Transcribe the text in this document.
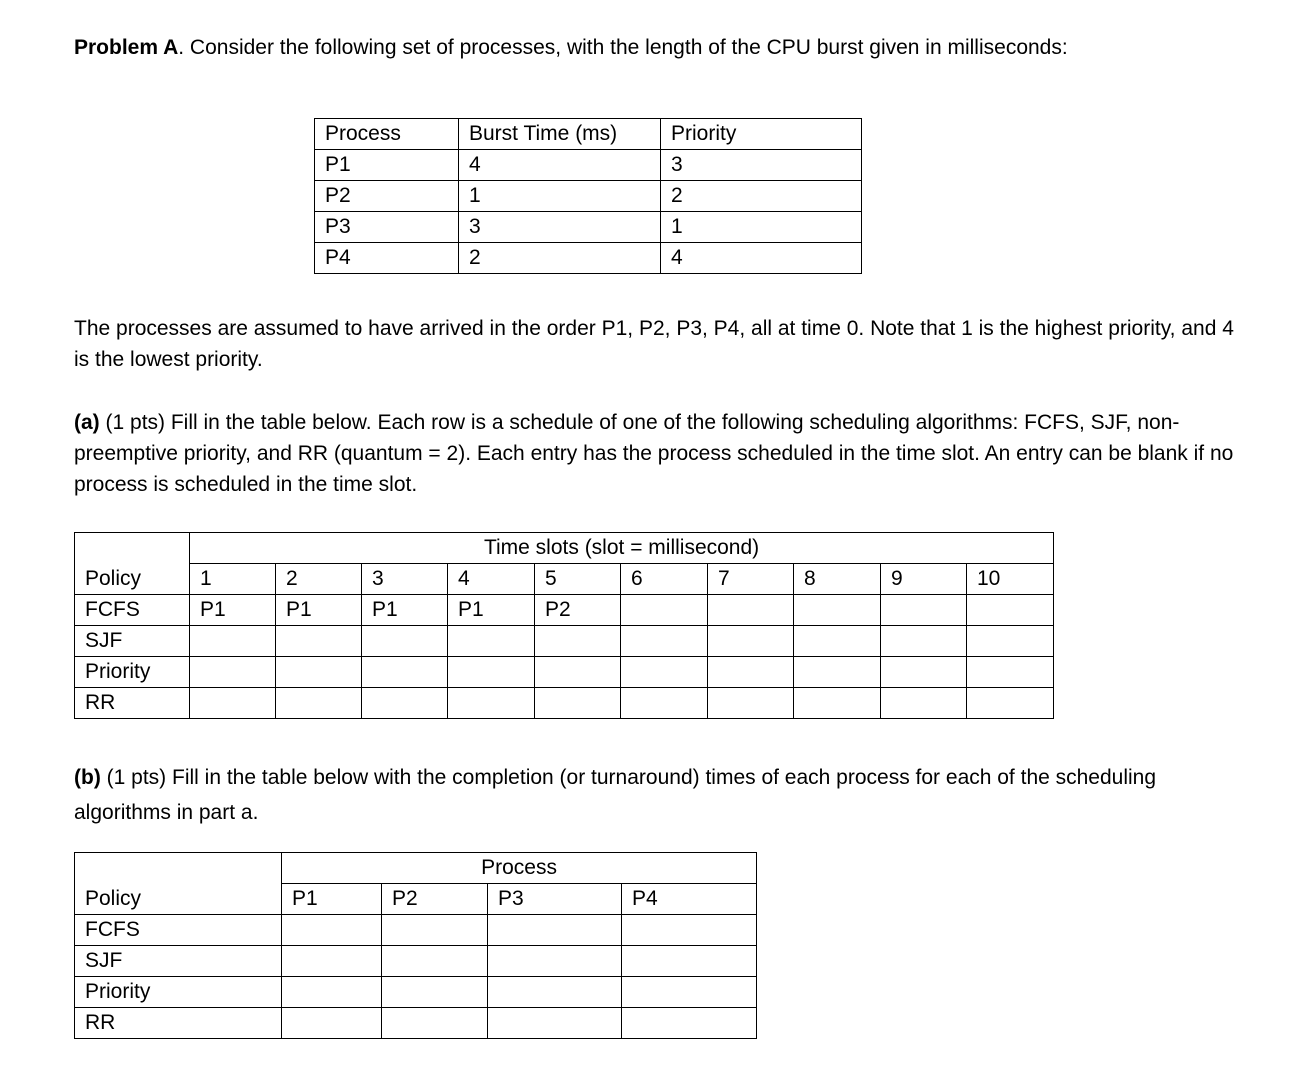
Problem A. Consider the following set of processes, with the length of the CPU burst given in milliseconds:

Process	Burst Time (ms)	Priority
P1	4	3
P2	1	2
P3	3	1
P4	2	4

The processes are assumed to have arrived in the order P1, P2, P3, P4, all at time 0. Note that 1 is the highest priority, and 4 is the lowest priority.

(a) (1 pts) Fill in the table below. Each row is a schedule of one of the following scheduling algorithms: FCFS, SJF, non-preemptive priority, and RR (quantum = 2). Each entry has the process scheduled in the time slot. An entry can be blank if no process is scheduled in the time slot.

	Time slots (slot = millisecond)									
Policy	1	2	3	4	5	6	7	8	9	10
FCFS	P1	P1	P1	P1	P2					
SJF										
Priority										
RR										

(b) (1 pts) Fill in the table below with the completion (or turnaround) times of each process for each of the scheduling algorithms in part a.

	Process			
Policy	P1	P2	P3	P4
FCFS				
SJF				
Priority				
RR				
